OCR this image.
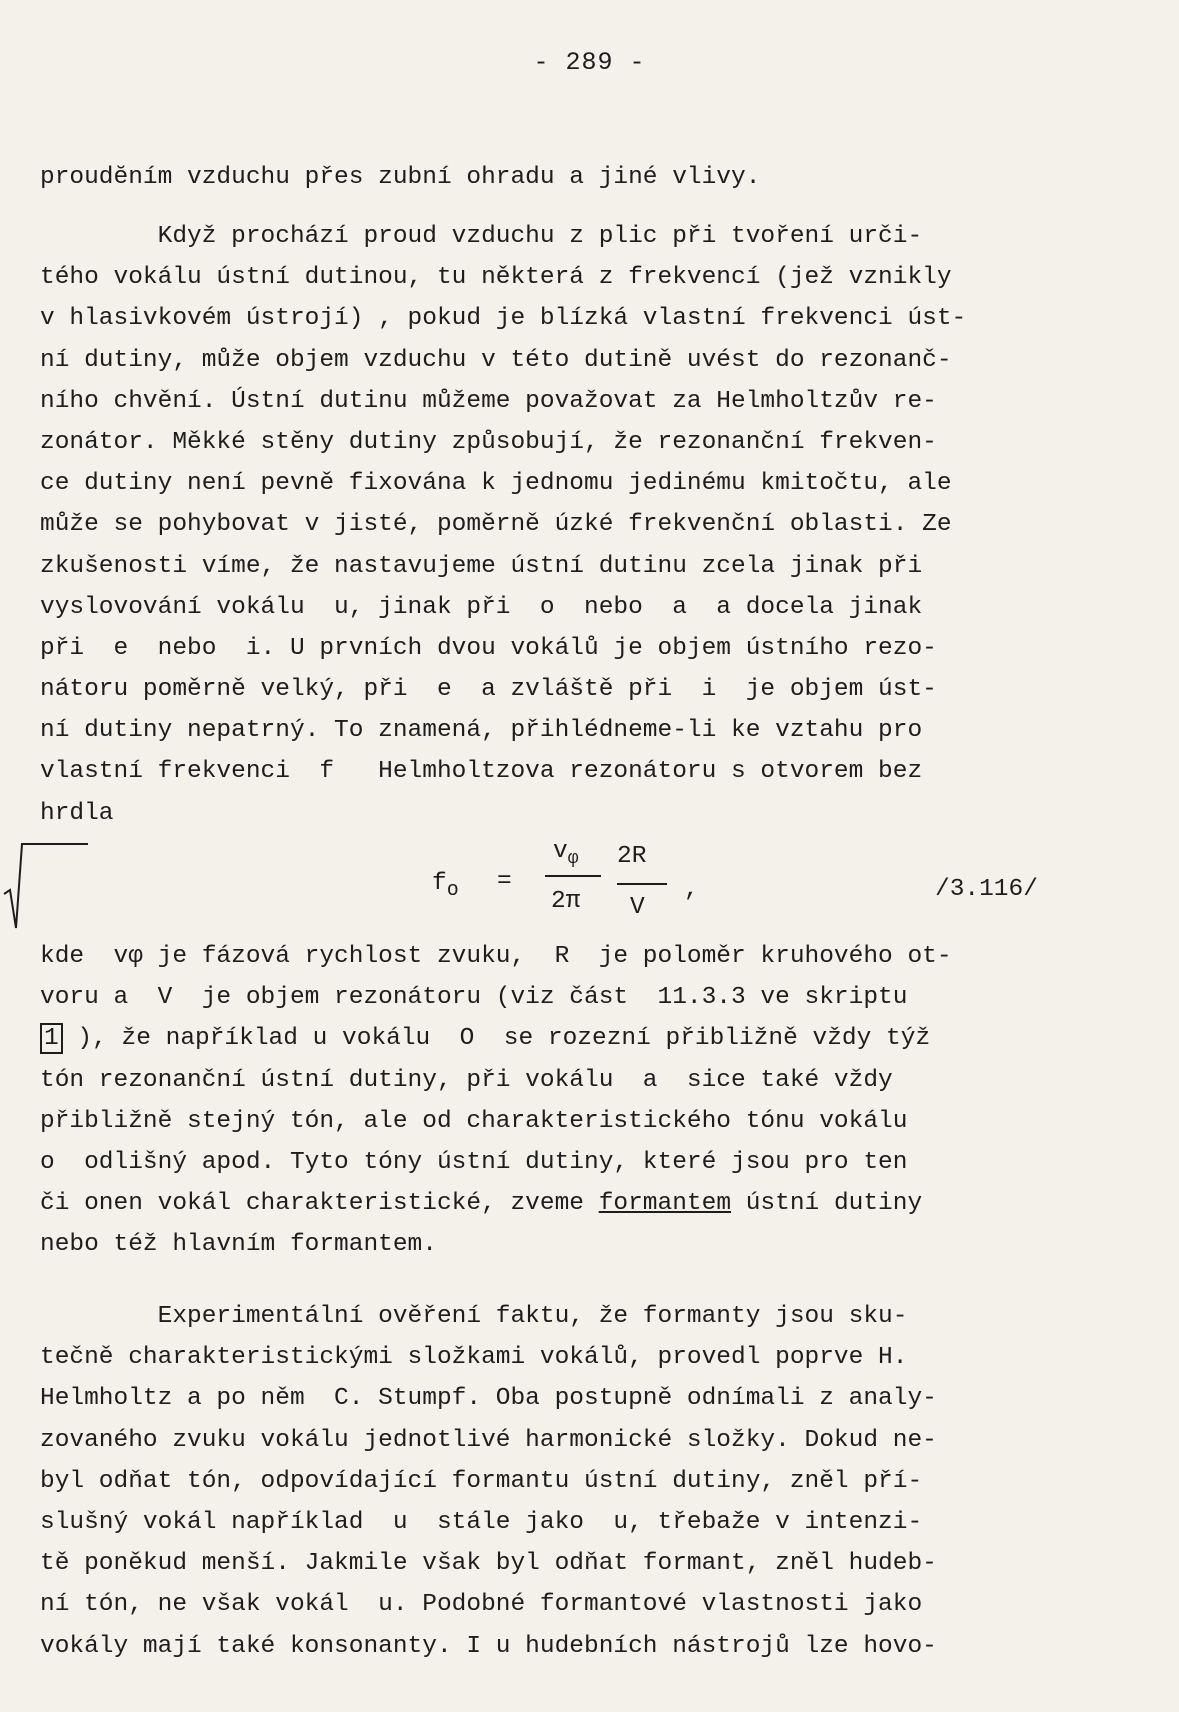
- 289 -
proudĕním vzduchu přes zubní ohradu a jiné vlivy.
Když prochází proud vzduchu z plic při tvoření urči-
tého vokálu ústní dutinou, tu některá z frekvencí (jež vznikly
v hlasivkovém ústrojí) , pokud je blízká vlastní frekvenci úst-
ní dutiny, může objem vzduchu v této dutině uvést do rezonanč-
ního chvění. Ústní dutinu můžeme považovat za Helmholtzův re-
zonátor. Měkké stěny dutiny způsobují, že rezonanční frekven-
ce dutiny není pevně fixována k jednomu jedinému kmitočtu, ale
může se pohybovat v jisté, poměrně úzké frekvenční oblasti. Ze
zkušenosti víme, že nastavujeme ústní dutinu zcela jinak při
vyslovování vokálu  u, jinak při  o  nebo  a  a docela jinak
při  e  nebo  i. U prvních dvou vokálů je objem ústního rezo-
nátoru poměrně velký, při  e  a zvláště při  i  je objem úst-
ní dutiny nepatrný. To znamená, přihlédneme-li ke vztahu pro
vlastní frekvenci  f   Helmholtzova rezonátoru s otvorem bez
hrdla
$f_o$ =
$v_\varphi$
2π
2R
V
,	/3.116/
kde  vφ je fázová rychlost zvuku,  R  je poloměr kruhového ot-
voru a  V  je objem rezonátoru (viz část  11.3.3 ve skriptu
1 ), že například u vokálu  O  se rozezní přibližně vždy týž
tón rezonanční ústní dutiny, při vokálu  a  sice také vždy
přibližně stejný tón, ale od charakteristického tónu vokálu
o  odlišný apod. Tyto tóny ústní dutiny, které jsou pro ten
či onen vokál charakteristické, zveme formantem ústní dutiny
nebo též hlavním formantem.
Experimentální ověření faktu, že formanty jsou sku-
tečně charakteristickými složkami vokálů, provedl poprve H.
Helmholtz a po něm  C. Stumpf. Oba postupně odnímali z analy-
zovaného zvuku vokálu jednotlivé harmonické složky. Dokud ne-
byl odňat tón, odpovídající formantu ústní dutiny, zněl pří-
slušný vokál například  u  stále jako  u, třebaže v intenzi-
tě poněkud menší. Jakmile však byl odňat formant, zněl hudeb-
ní tón, ne však vokál  u. Podobné formantové vlastnosti jako
vokály mají také konsonanty. I u hudebních nástrojů lze hovo-
